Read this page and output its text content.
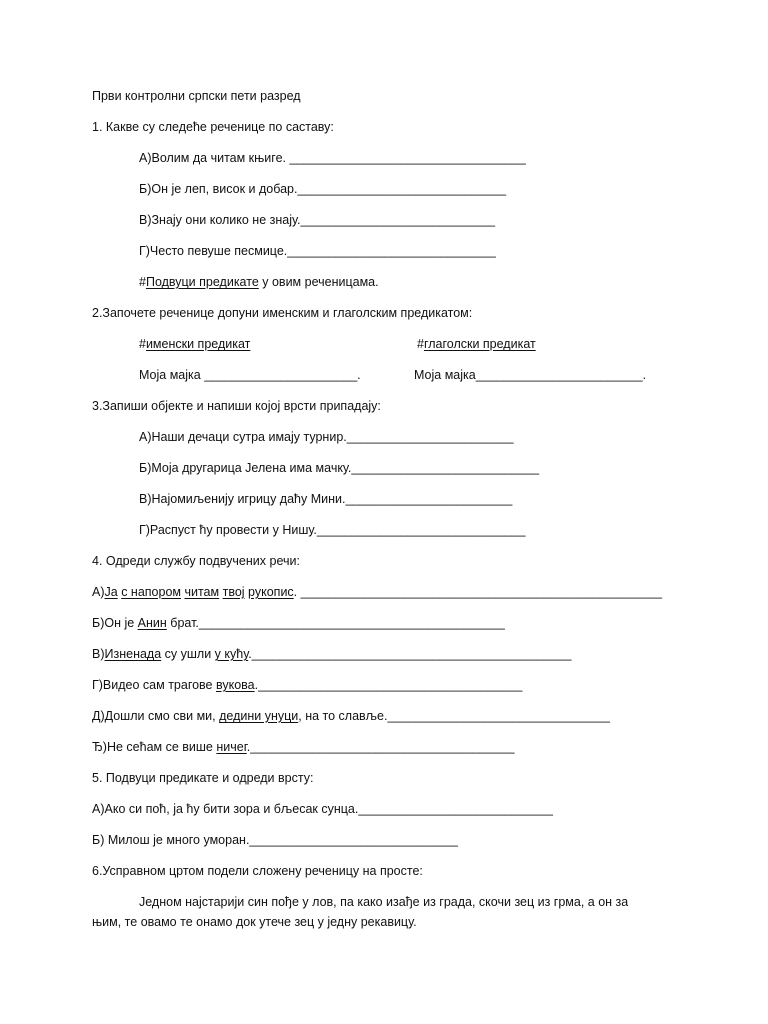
Први контролни српски пети разред
1. Какве су следеће реченице по саставу:
А)Волим да читам књиге. __________________________________
Б)Он је леп, висок и добар.______________________________
В)Знају они колико не знају.____________________________
Г)Често певуше песмице.______________________________
#Подвуци предикате у овим реченицама.
2.Започете реченице допуни именским и глаголским предикатом:
#именски предикат	#глаголски предикат
Моја мајка ______________________.	Моја мајка________________________.
3.Запиши објекте и напиши којој врсти припадају:
А)Наши дечаци сутра имају турнир.________________________
Б)Моја другарица Јелена има мачку.___________________________
В)Најомиљенију игрицу даћу Мини.________________________
Г)Распуст ћу провести у Нишу.______________________________
4. Одреди службу подвучених речи:
А)Ја с напором читам твој рукопис. ____________________________________________________
Б)Он је Анин брат.____________________________________________
В)Изненада су ушли у кућу.______________________________________________
Г)Видео сам трагове вукова.______________________________________
Д)Дошли смо сви ми, дедини унуци, на то славље.________________________________
Ђ)Не сећам се више ничег.______________________________________
5. Подвуци предикате и одреди врсту:
А)Ако си поћ, ја ћу бити зора и бљесак сунца.____________________________
Б) Милош је много уморан.______________________________
6.Усправном цртом подели сложену реченицу на просте:
Једном најстарији син пође у лов, па како изађе из града, скочи зец из грма, а он за
њим, те овамо те онамо док утече зец у једну рекавицу.
